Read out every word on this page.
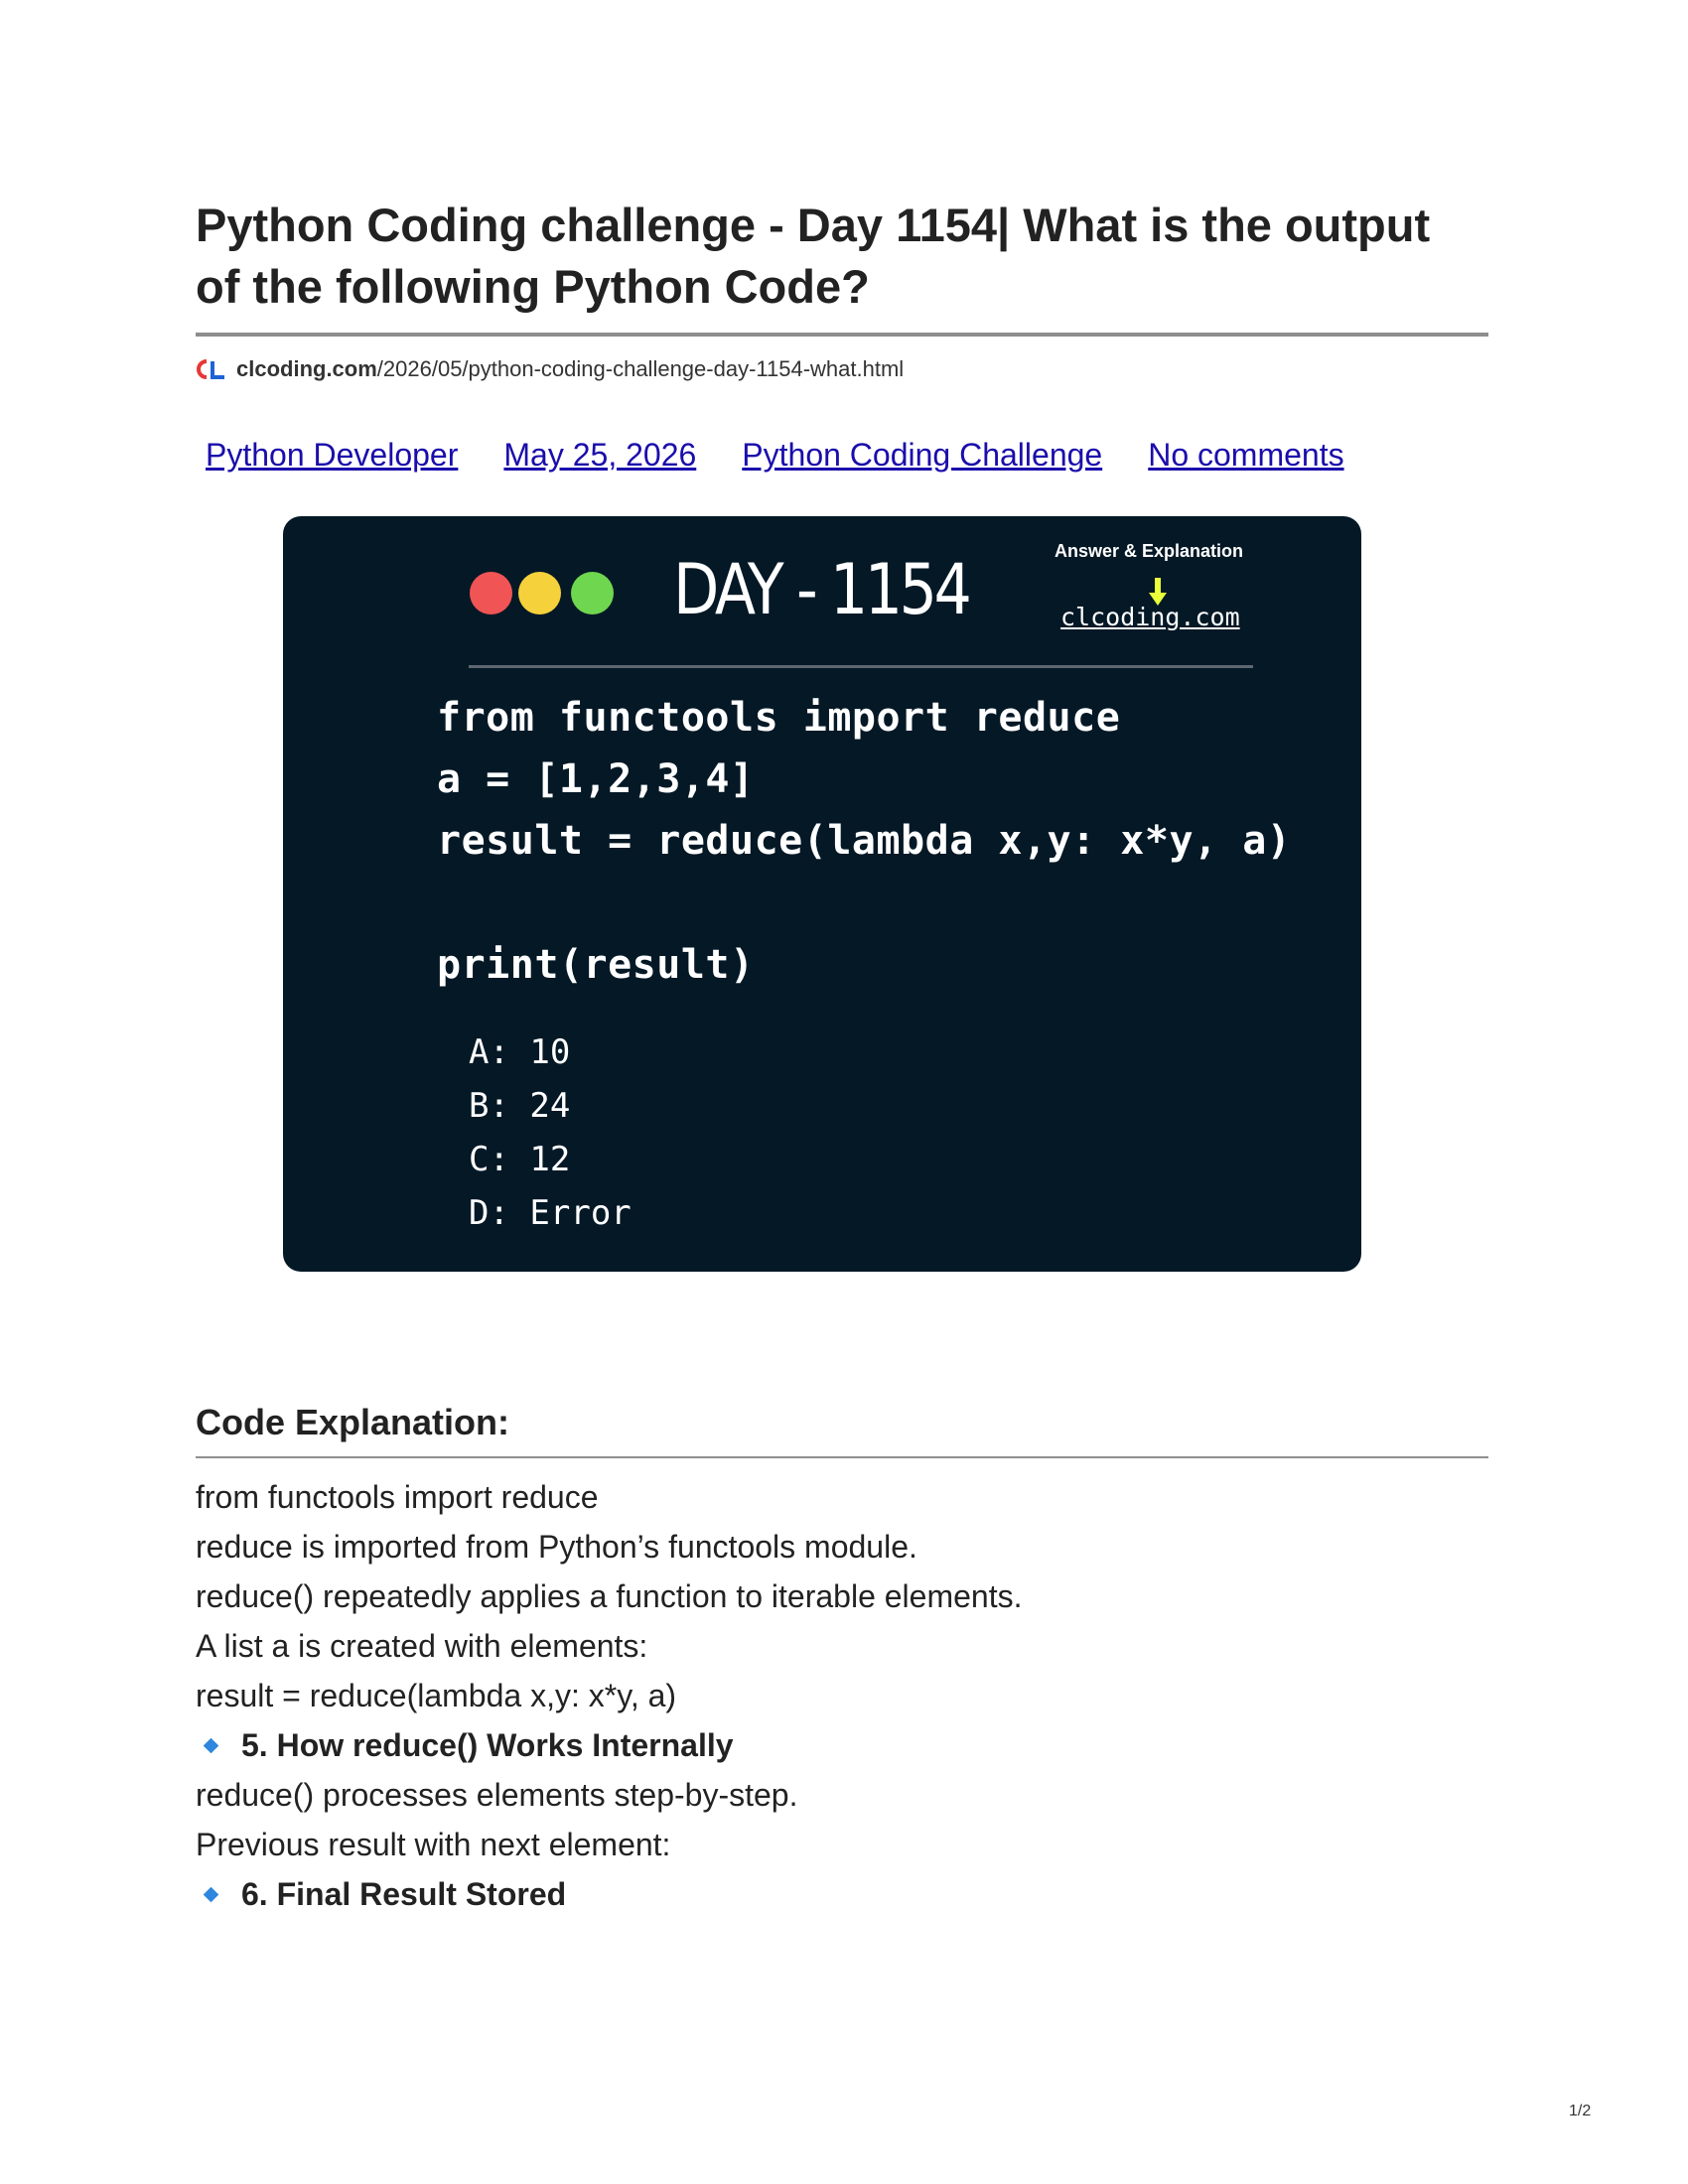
Python Coding challenge - Day 1154| What is the output of the following Python Code?
clcoding.com /2026/05/python-coding-challenge-day-1154-what.html
Python Developer May 25, 2026 Python Coding Challenge No comments
DAY - 1154	Answer & Explanation
clcoding.com
from functools import reduce
a = [1,2,3,4]
result = reduce(lambda x,y: x*y, a)
print(result)
A: 10
B: 24
C: 12
D: Error
Code Explanation:
from functools import reduce
reduce is imported from Python’s functools module.
reduce() repeatedly applies a function to iterable elements.
A list a is created with elements:
result = reduce(lambda x,y: x*y, a)
5. How reduce() Works Internally
reduce() processes elements step-by-step.
Previous result with next element:
6. Final Result Stored
1/2
